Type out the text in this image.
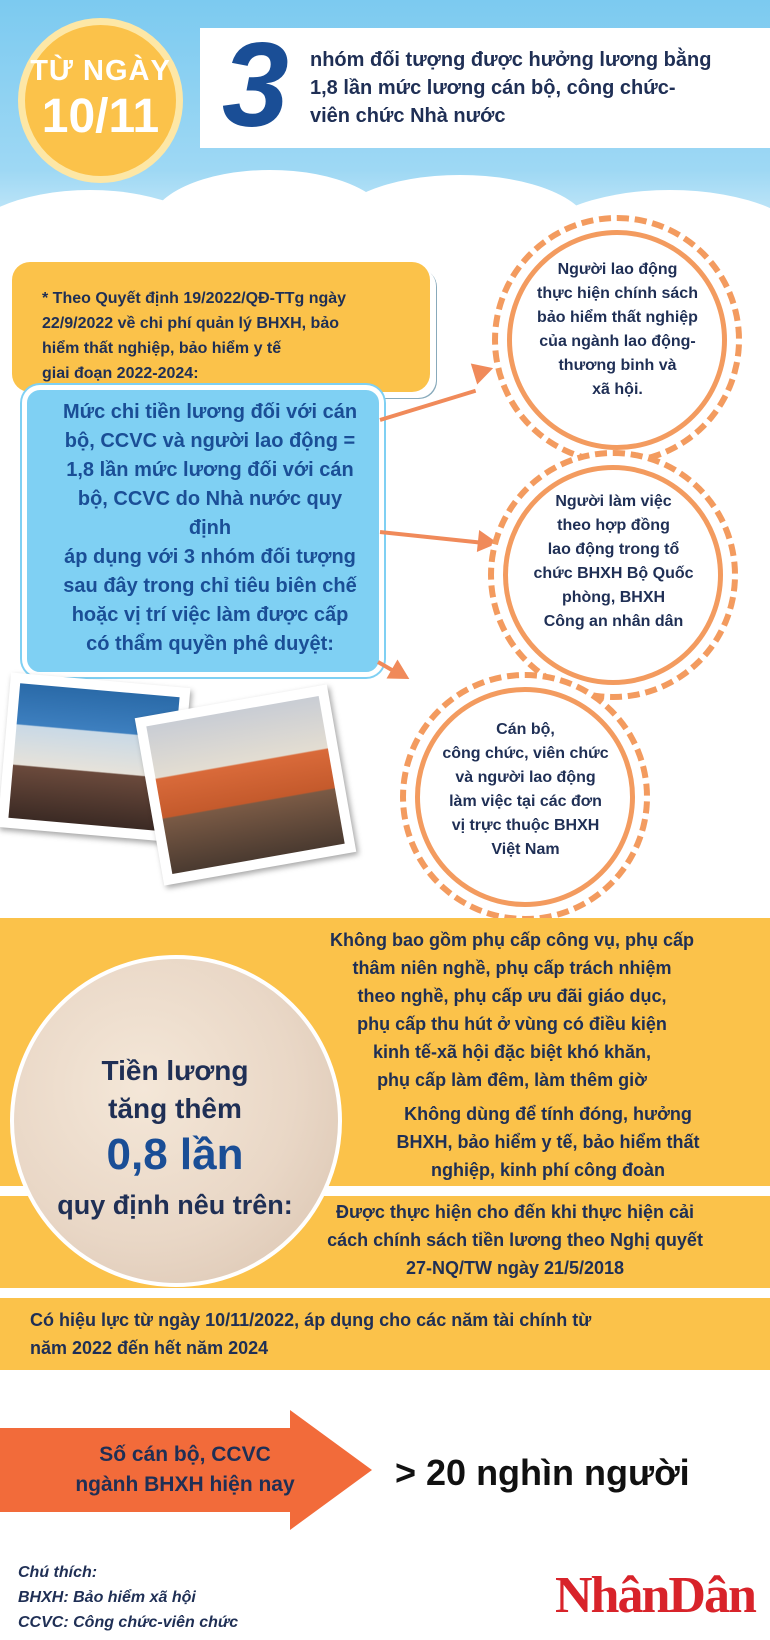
TỪ NGÀY
10/11 3 nhóm đối tượng được hưởng lương bằng
1,8 lần mức lương cán bộ, công chức-
viên chức Nhà nước
* Theo Quyết định 19/2022/QĐ-TTg ngày
22/9/2022 về chi phí quản lý BHXH, bảo
hiểm thất nghiệp, bảo hiểm y tế
giai đoạn 2022-2024:
Mức chi tiền lương đối với cán
bộ, CCVC và người lao động =
1,8 lần mức lương đối với cán
bộ, CCVC do Nhà nước quy
định
áp dụng với 3 nhóm đối tượng
sau đây trong chỉ tiêu biên chế
hoặc vị trí việc làm được cấp
có thẩm quyền phê duyệt:
Người lao động
thực hiện chính sách
bảo hiểm thất nghiệp
của ngành lao động-
thương binh và
xã hội.
Người làm việc
theo hợp đồng
lao động trong tổ
chức BHXH Bộ Quốc
phòng, BHXH
Công an nhân dân
Cán bộ,
công chức, viên chức
và người lao động
làm việc tại các đơn
vị trực thuộc BHXH
Việt Nam
Tiền lương
tăng thêm
0,8 lần
quy định nêu trên:
Không bao gồm phụ cấp công vụ, phụ cấp
thâm niên nghề, phụ cấp trách nhiệm
theo nghề, phụ cấp ưu đãi giáo dục,
phụ cấp thu hút ở vùng có điều kiện
kinh tế-xã hội đặc biệt khó khăn,
phụ cấp làm đêm, làm thêm giờ
Không dùng để tính đóng, hưởng
BHXH, bảo hiểm y tế, bảo hiểm thất
nghiệp, kinh phí công đoàn
Được thực hiện cho đến khi thực hiện cải
cách chính sách tiền lương theo Nghị quyết
27-NQ/TW ngày 21/5/2018
Có hiệu lực từ ngày 10/11/2022, áp dụng cho các năm tài chính từ
năm 2022 đến hết năm 2024
Số cán bộ, CCVC
ngành BHXH hiện nay	> 20 nghìn người
Chú thích:
BHXH: Bảo hiểm xã hội
CCVC: Công chức-viên chức	NhânDân
